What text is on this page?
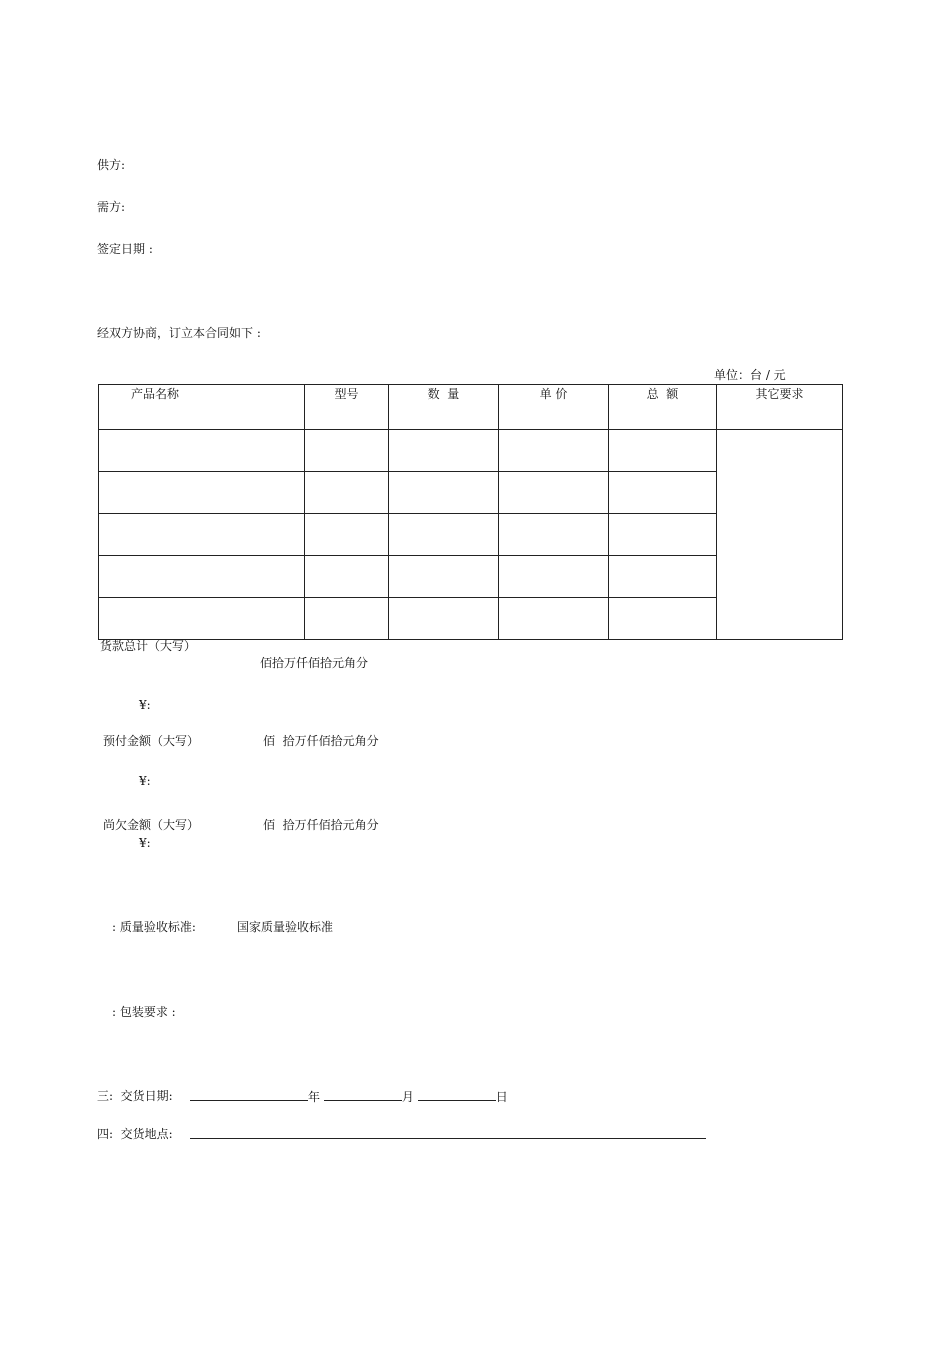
供方:
需方:
签定日期 :
经双方协商，订立本合同如下 :
单位：台 / 元
产品名称	型号	数  量	单 价	总  额	其它要求

货款总计（大写）
佰拾万仟佰拾元角分
¥:
预付金额（大写）	佰  拾万仟佰拾元角分
¥:
尚欠金额（大写）	佰  拾万仟佰拾元角分
¥:
: 质量验收标准:	国家质量验收标准
: 包装要求 :
三:  交货日期:	年	月	日
四:  交货地点:
